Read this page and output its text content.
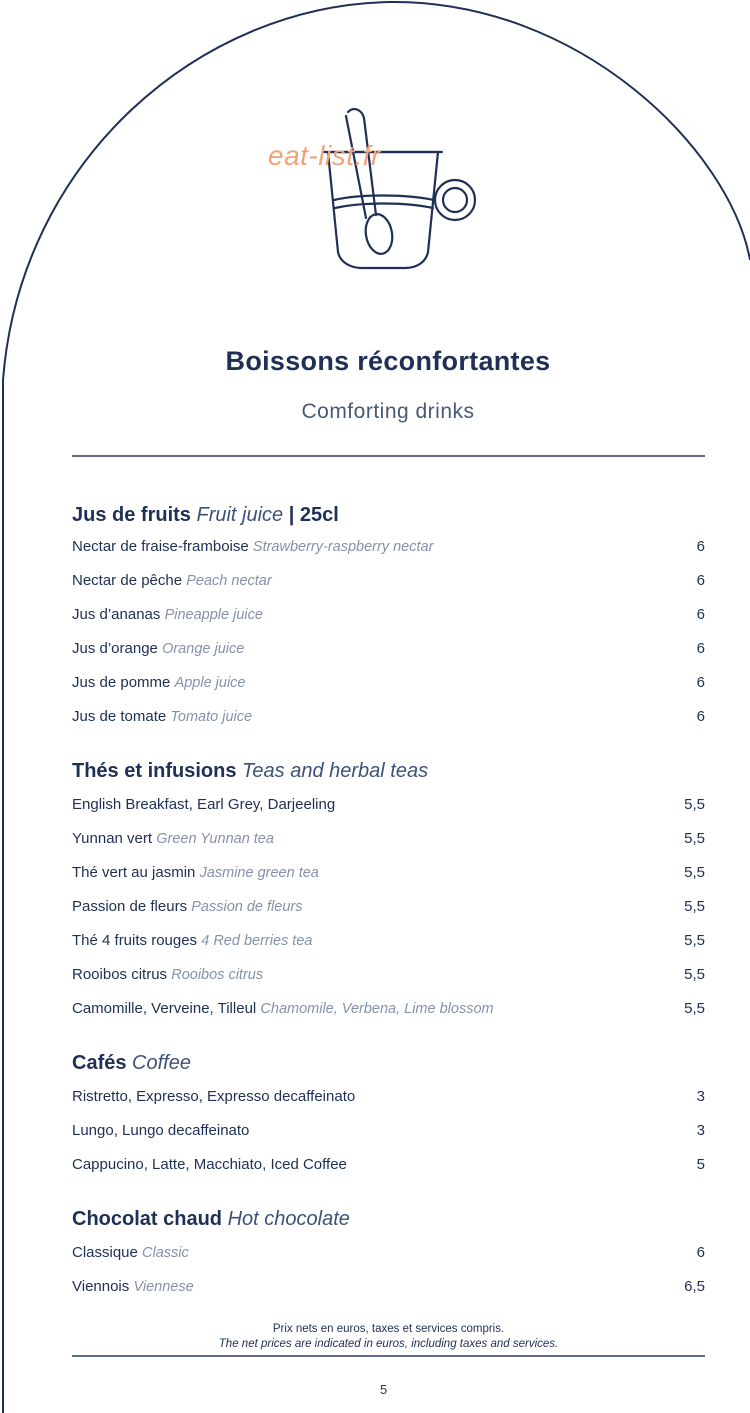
eat-list.fr
Boissons réconfortantes
Comforting drinks
Jus de fruits Fruit juice | 25cl
Nectar de fraise-framboise Strawberry-raspberry nectar	6
Nectar de pêche Peach nectar	6
Jus d’ananas Pineapple juice	6
Jus d’orange Orange juice	6
Jus de pomme Apple juice	6
Jus de tomate Tomato juice	6
Thés et infusions Teas and herbal teas
English Breakfast, Earl Grey, Darjeeling	5,5
Yunnan vert Green Yunnan tea	5,5
Thé vert au jasmin Jasmine green tea	5,5
Passion de fleurs Passion de fleurs	5,5
Thé 4 fruits rouges 4 Red berries tea	5,5
Rooibos citrus Rooibos citrus	5,5
Camomille, Verveine, Tilleul Chamomile, Verbena, Lime blossom	5,5
Cafés Coffee
Ristretto, Expresso, Expresso decaffeinato	3
Lungo, Lungo decaffeinato	3
Cappucino, Latte, Macchiato, Iced Coffee	5
Chocolat chaud Hot chocolate
Classique Classic	6
Viennois Viennese	6,5
Prix nets en euros, taxes et services compris.
The net prices are indicated in euros, including taxes and services.
5
